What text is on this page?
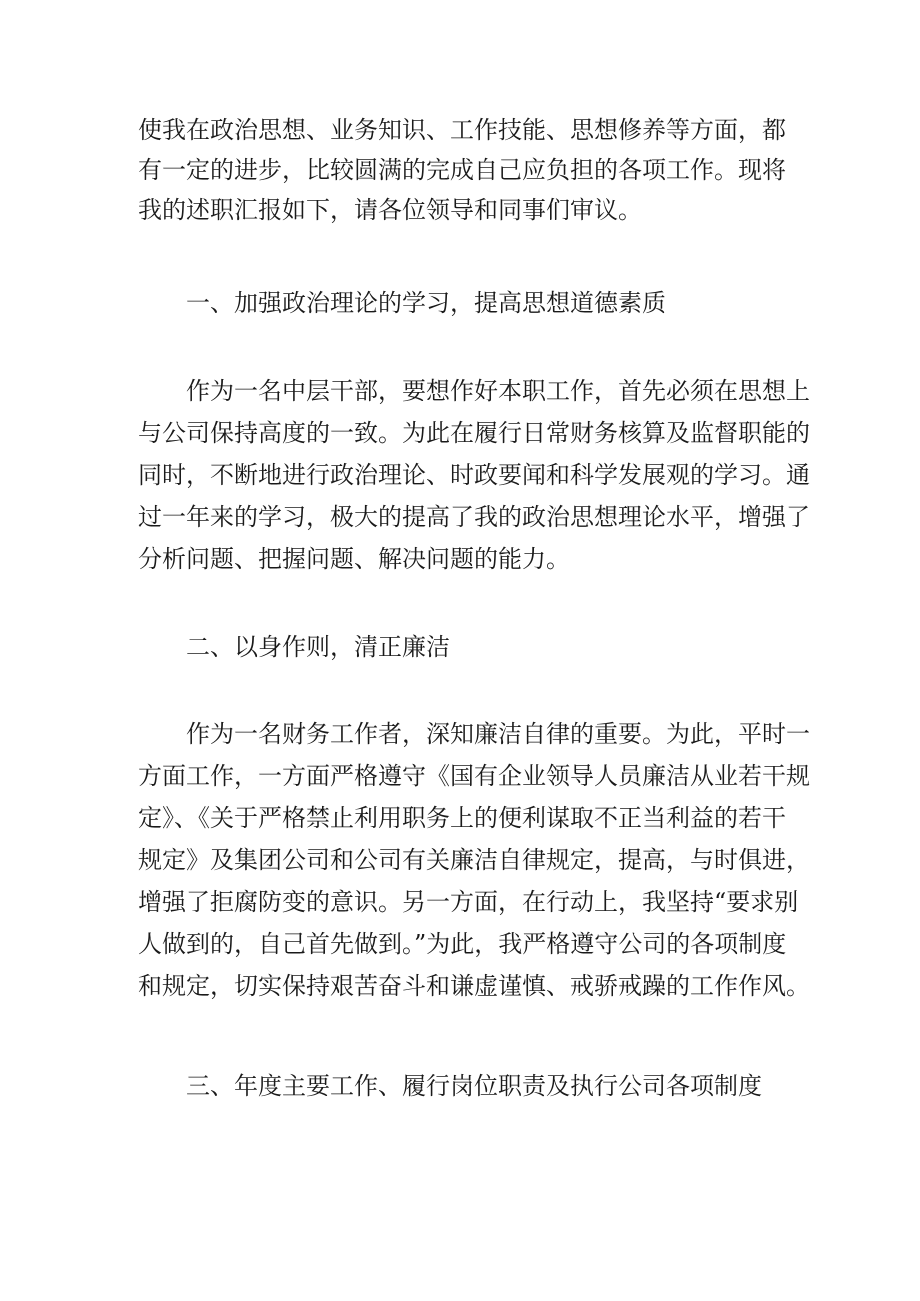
使我在政治思想、业务知识、工作技能、思想修养等方面，都
有一定的进步，比较圆满的完成自己应负担的各项工作。现将
我的述职汇报如下，请各位领导和同事们审议。
　　一、加强政治理论的学习，提高思想道德素质
　　作为一名中层干部，要想作好本职工作，首先必须在思想上
与公司保持高度的一致。为此在履行日常财务核算及监督职能的
同时，不断地进行政治理论、时政要闻和科学发展观的学习。通
过一年来的学习，极大的提高了我的政治思想理论水平，增强了
分析问题、把握问题、解决问题的能力。
　　二、以身作则，清正廉洁
　　作为一名财务工作者，深知廉洁自律的重要。为此，平时一
方面工作，一方面严格遵守《国有企业领导人员廉洁从业若干规
定》、《关于严格禁止利用职务上的便利谋取不正当利益的若干
规定》及集团公司和公司有关廉洁自律规定，提高，与时俱进，
增强了拒腐防变的意识。另一方面，在行动上，我坚持“要求别
人做到的，自己首先做到。”为此，我严格遵守公司的各项制度
和规定，切实保持艰苦奋斗和谦虚谨慎、戒骄戒躁的工作作风。
　　三、年度主要工作、履行岗位职责及执行公司各项制度
